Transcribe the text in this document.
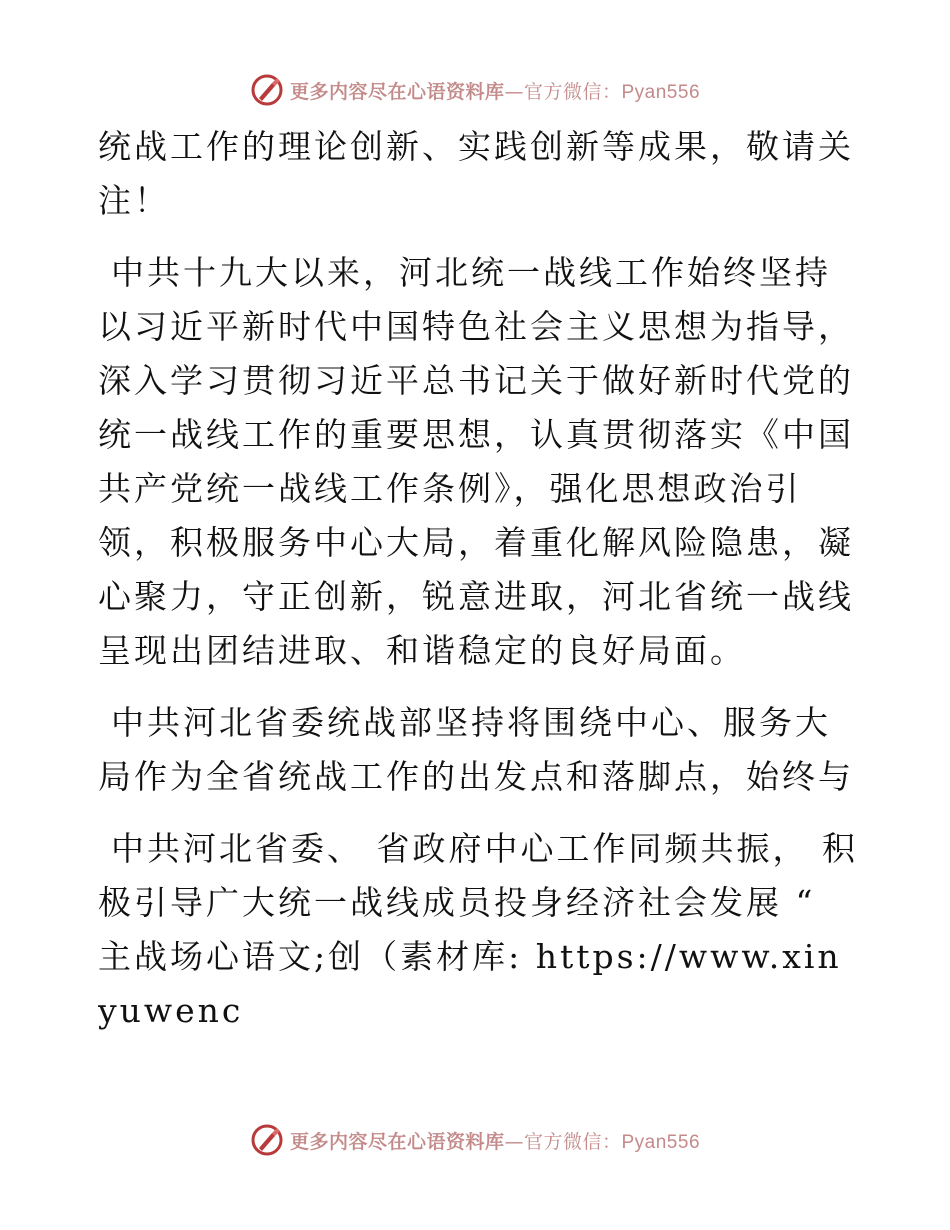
更多内容尽在心语资料库—官方微信：Pyan556

统战工作的理论创新、实践创新等成果，敬请关注！

中共十九大以来，河北统一战线工作始终坚持以习近平新时代中国特色社会主义思想为指导，深入学习贯彻习近平总书记关于做好新时代党的统一战线工作的重要思想，认真贯彻落实《中国共产党统一战线工作条例》，强化思想政治引领，积极服务中心大局，着重化解风险隐患，凝心聚力，守正创新，锐意进取，河北省统一战线呈现出团结进取、和谐稳定的良好局面。

中共河北省委统战部坚持将围绕中心、服务大局作为全省统战工作的出发点和落脚点，始终与

中共河北省委、 省政府中心工作同频共振， 积极引导广大统一战线成员投身经济社会发展 “ 主战场心语文;创（素材库: https://www.xinyuwenc

更多内容尽在心语资料库—官方微信：Pyan556
